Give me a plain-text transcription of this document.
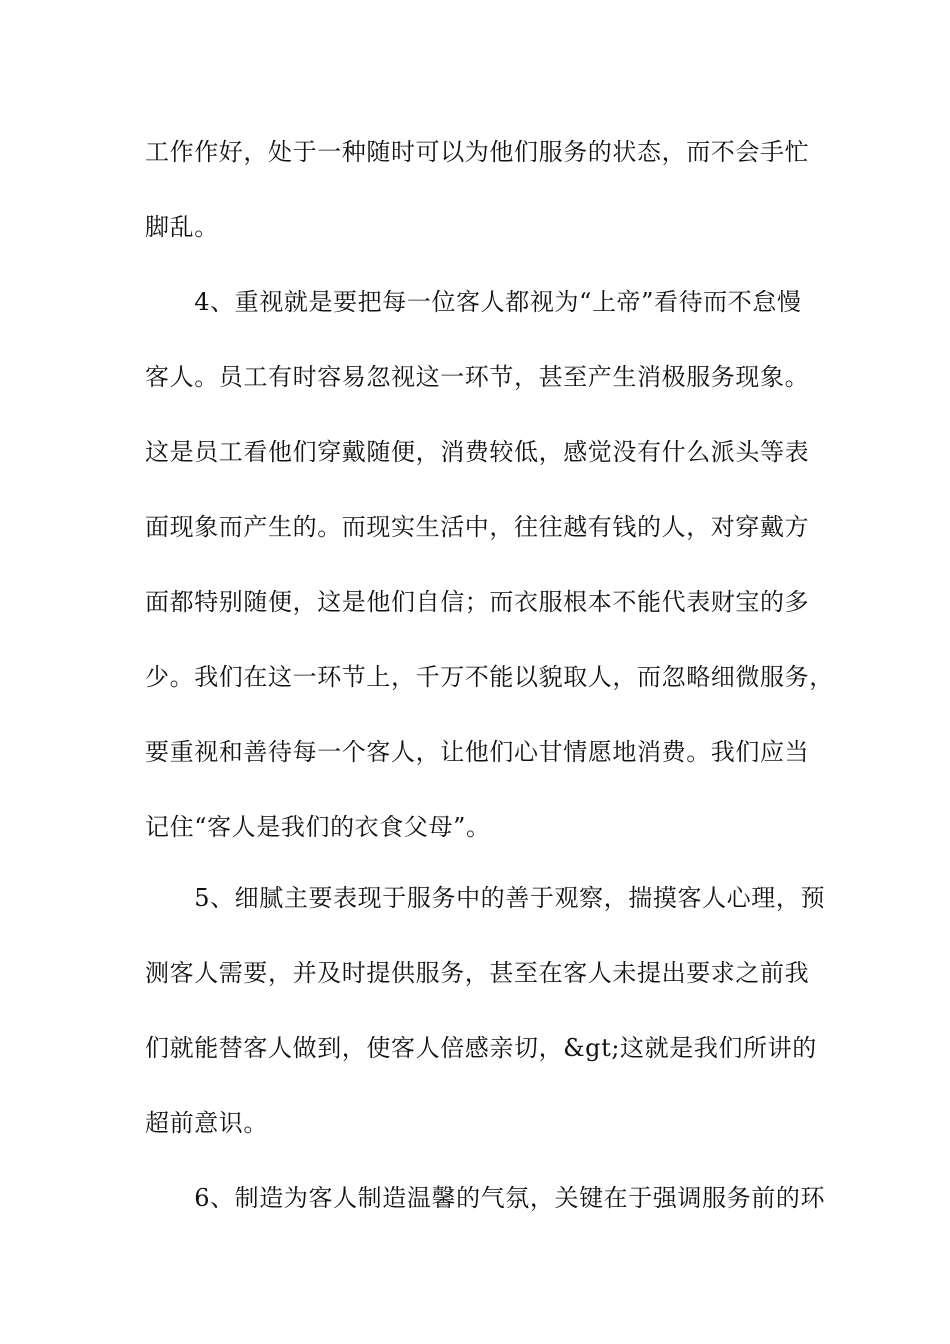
工作作好，处于一种随时可以为他们服务的状态，而不会手忙
脚乱。
　　4、重视就是要把每一位客人都视为“上帝”看待而不怠慢
客人。员工有时容易忽视这一环节，甚至产生消极服务现象。
这是员工看他们穿戴随便，消费较低，感觉没有什么派头等表
面现象而产生的。而现实生活中，往往越有钱的人，对穿戴方
面都特别随便，这是他们自信；而衣服根本不能代表财宝的多
少。我们在这一环节上，千万不能以貌取人，而忽略细微服务，
要重视和善待每一个客人，让他们心甘情愿地消费。我们应当
记住“客人是我们的衣食父母”。
　　5、细腻主要表现于服务中的善于观察，揣摸客人心理，预
测客人需要，并及时提供服务，甚至在客人未提出要求之前我
们就能替客人做到，使客人倍感亲切，&gt;这就是我们所讲的
超前意识。
　　6、制造为客人制造温馨的气氛，关键在于强调服务前的环
